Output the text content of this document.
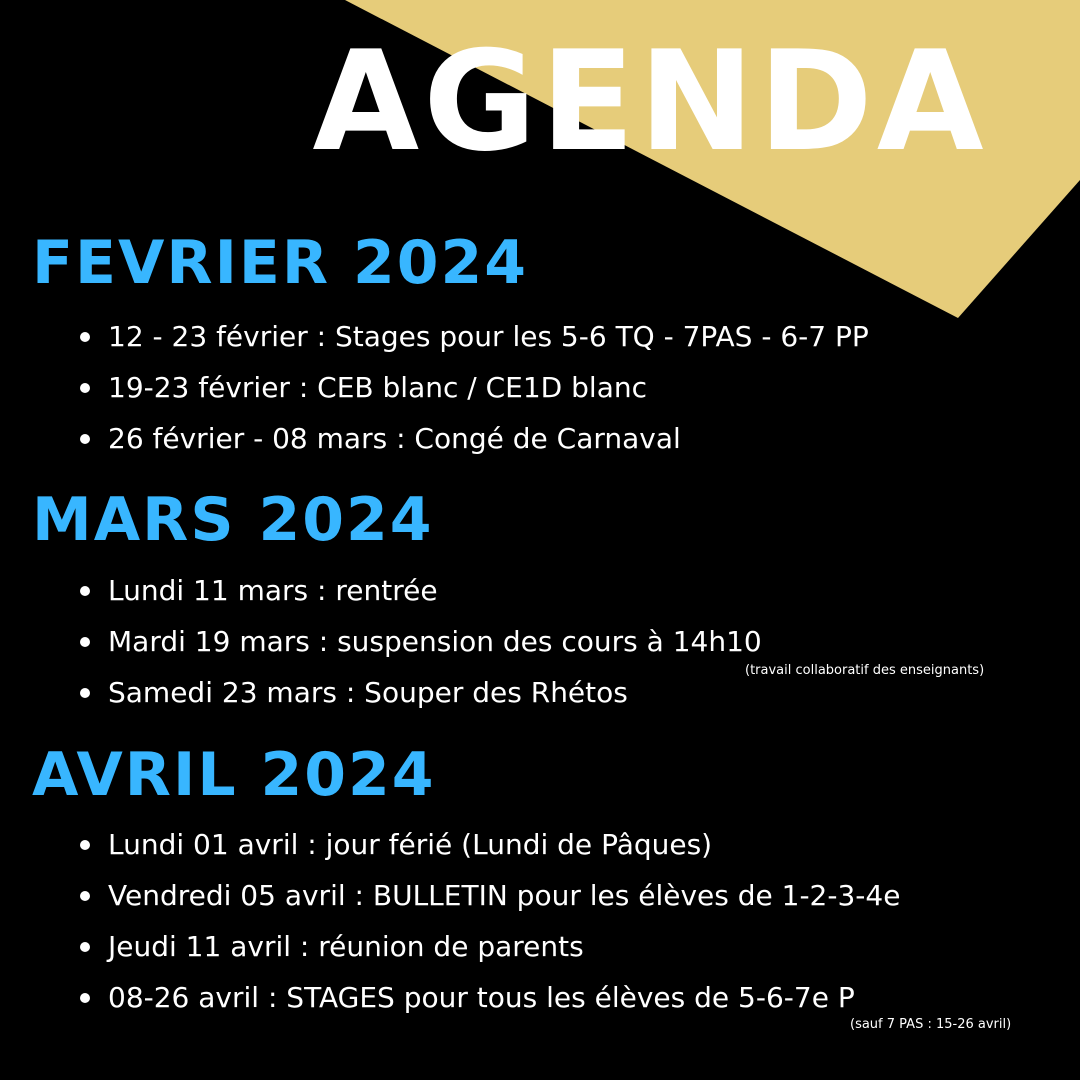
AGENDA
FEVRIER 2024
12 - 23 février : Stages pour les 5-6 TQ - 7PAS - 6-7 PP
19-23 février : CEB blanc / CE1D blanc
26 février - 08 mars : Congé de Carnaval
MARS 2024
Lundi 11 mars : rentrée
Mardi 19 mars : suspension des cours à 14h10
Samedi 23 mars : Souper des Rhétos
(travail collaboratif des enseignants)
AVRIL 2024
Lundi 01 avril : jour férié (Lundi de Pâques)
Vendredi 05 avril : BULLETIN pour les élèves de 1-2-3-4e
Jeudi 11 avril : réunion de parents
08-26 avril : STAGES pour tous les élèves de 5-6-7e P
(sauf 7 PAS : 15-26 avril)
